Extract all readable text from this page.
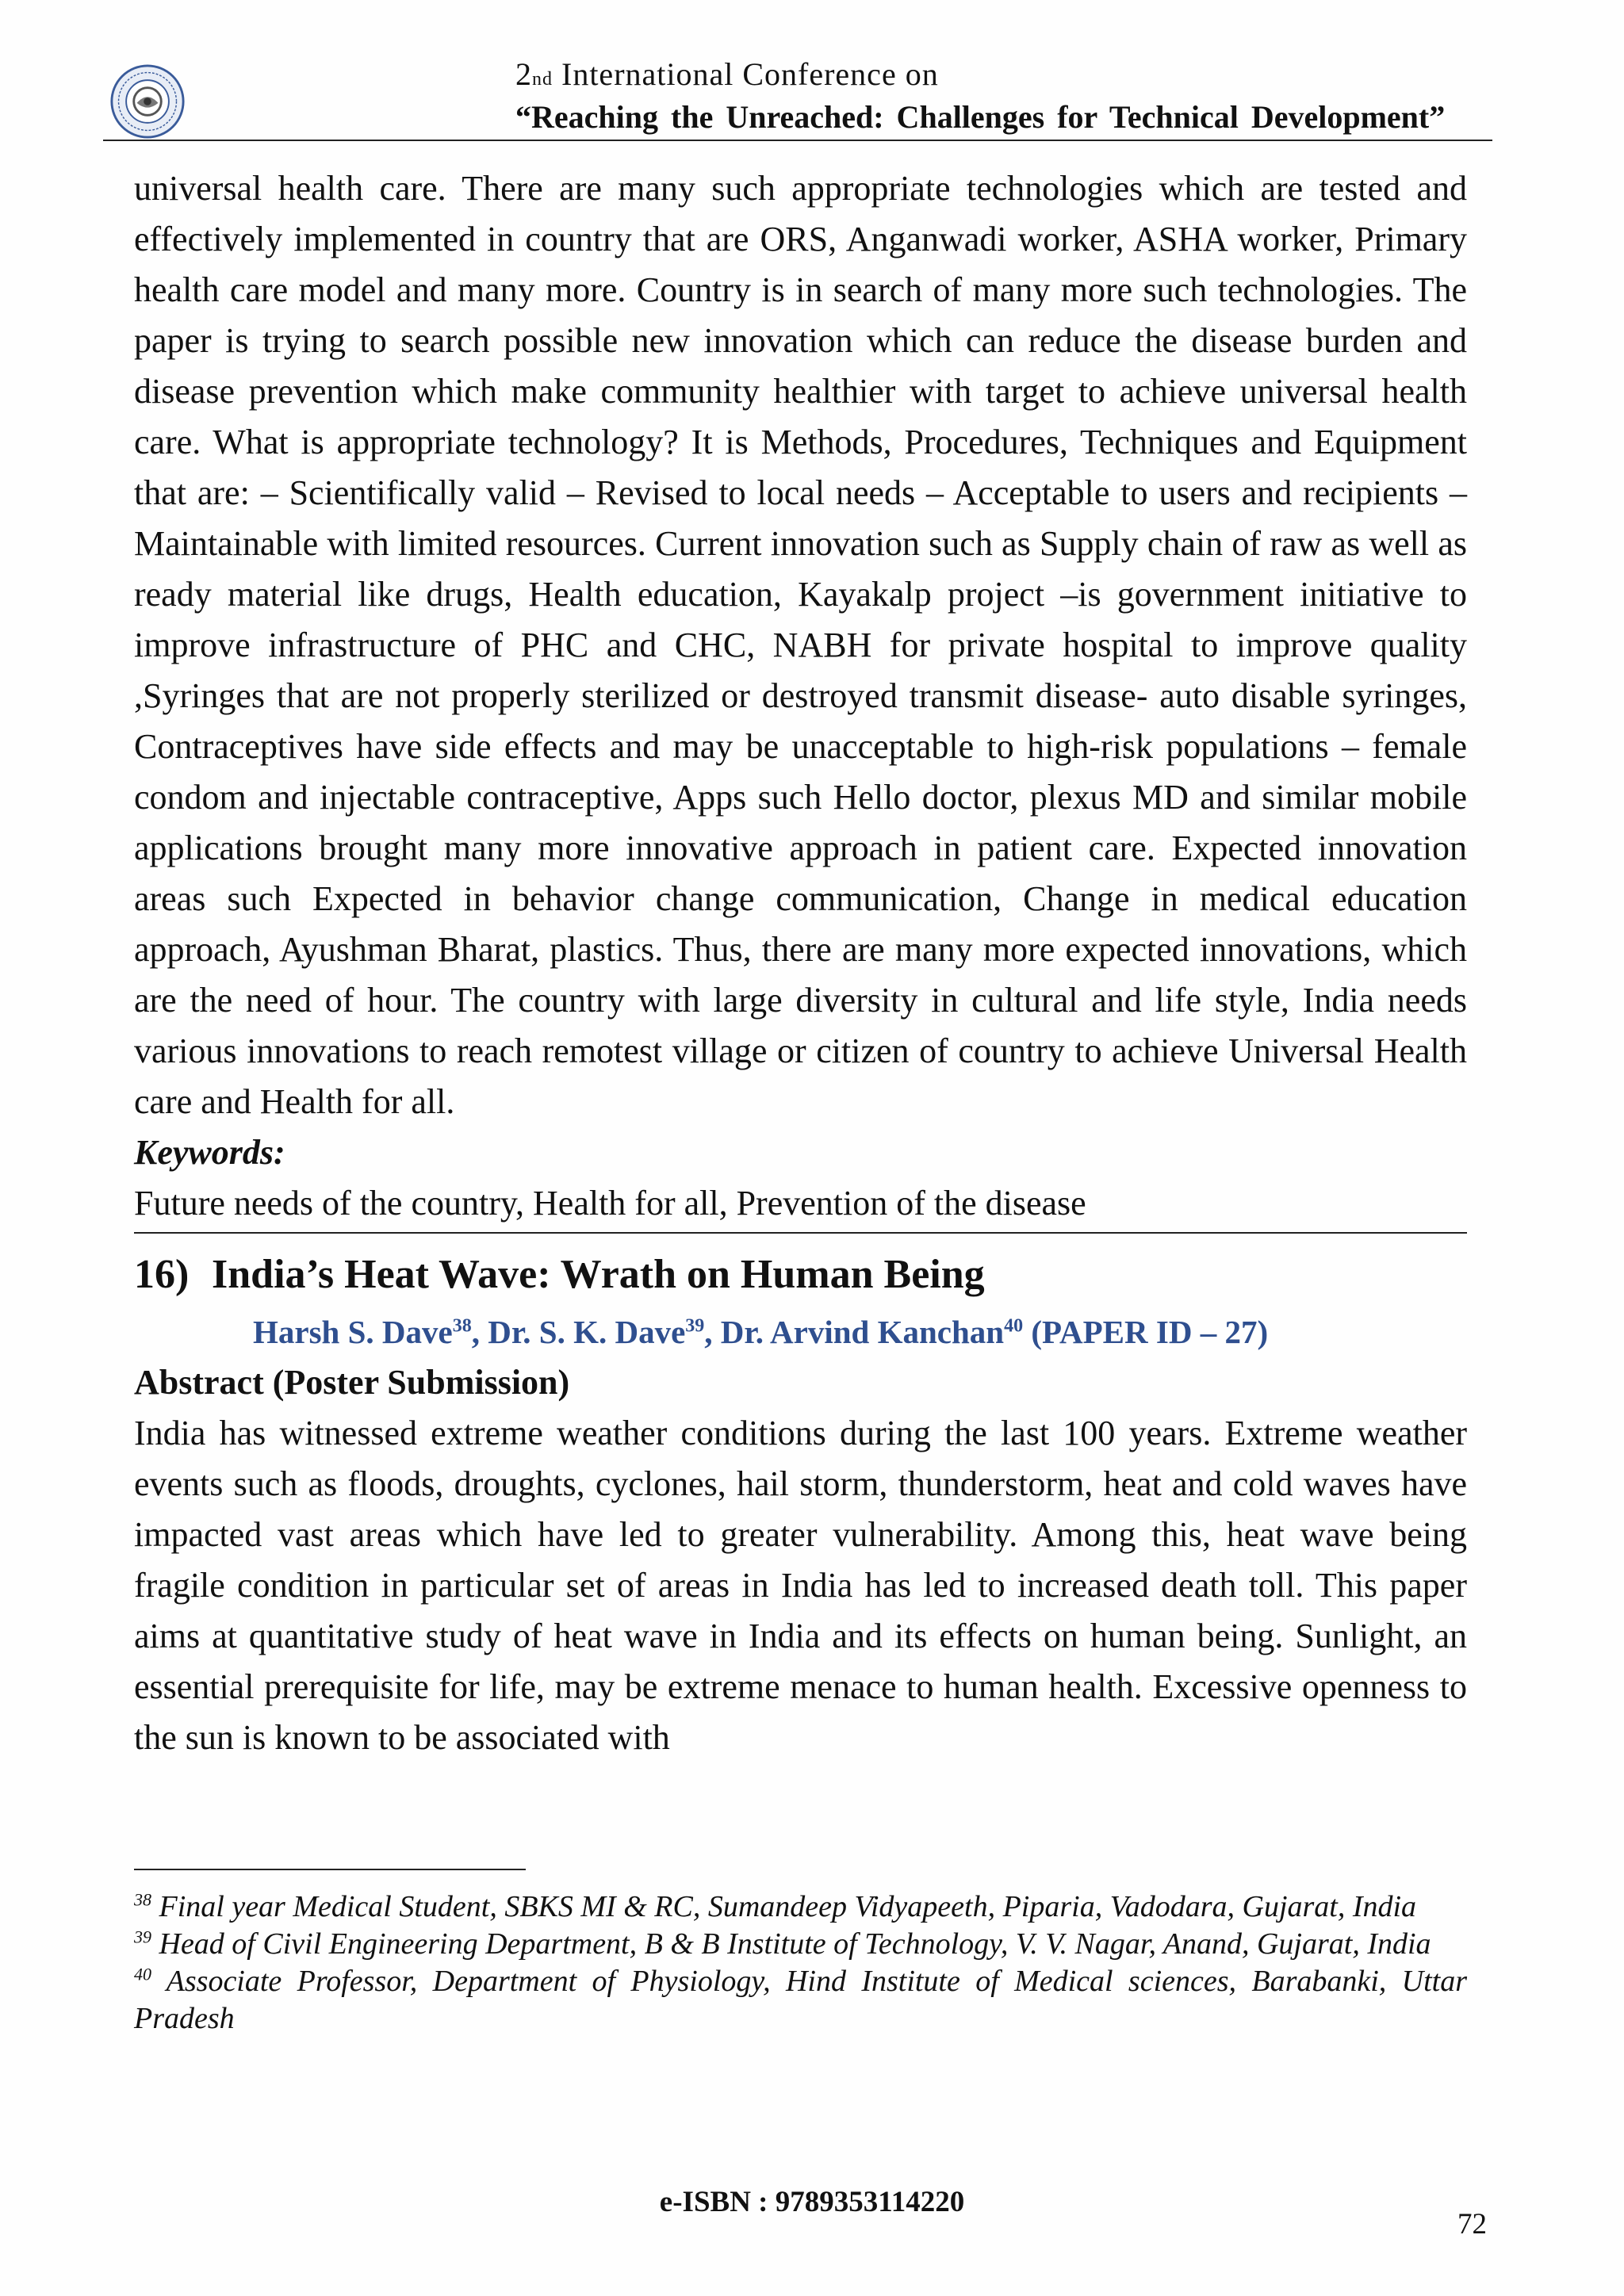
2nd International Conference on
“Reaching the Unreached: Challenges for Technical Development”

universal health care. There are many such appropriate technologies which are tested and effectively implemented in country that are ORS, Anganwadi worker, ASHA worker, Primary health care model and many more. Country is in search of many more such technologies. The paper is trying to search possible new innovation which can reduce the disease burden and disease prevention which make community healthier with target to achieve universal health care. What is appropriate technology? It is Methods, Procedures, Techniques and Equipment that are: – Scientifically valid – Revised to local needs – Acceptable to users and recipients – Maintainable with limited resources. Current innovation such as Supply chain of raw as well as ready material like drugs, Health education, Kayakalp project –is government initiative to improve infrastructure of PHC and CHC, NABH for private hospital to improve quality ,Syringes that are not properly sterilized or destroyed transmit disease- auto disable syringes, Contraceptives have side effects and may be unacceptable to high-risk populations – female condom and injectable contraceptive, Apps such Hello doctor, plexus MD and similar mobile applications brought many more innovative approach in patient care. Expected innovation areas such Expected in behavior change communication, Change in medical education approach, Ayushman Bharat, plastics. Thus, there are many more expected innovations, which are the need of hour. The country with large diversity in cultural and life style, India needs various innovations to reach remotest village or citizen of country to achieve Universal Health care and Health for all.

Keywords:

Future needs of the country, Health for all, Prevention of the disease

16) India’s Heat Wave: Wrath on Human Being
Harsh S. Dave$^{38}$, Dr. S. K. Dave$^{39}$, Dr. Arvind Kanchan$^{40}$ (PAPER ID – 27)

Abstract (Poster Submission)

India has witnessed extreme weather conditions during the last 100 years. Extreme weather events such as floods, droughts, cyclones, hail storm, thunderstorm, heat and cold waves have impacted vast areas which have led to greater vulnerability. Among this, heat wave being fragile condition in particular set of areas in India has led to increased death toll. This paper aims at quantitative study of heat wave in India and its effects on human being. Sunlight, an essential prerequisite for life, may be extreme menace to human health. Excessive openness to the sun is known to be associated with

$^{38}$ Final year Medical Student, SBKS MI & RC, Sumandeep Vidyapeeth, Piparia, Vadodara, Gujarat, India

$^{39}$ Head of Civil Engineering Department, B & B Institute of Technology, V. V. Nagar, Anand, Gujarat, India

$^{40}$ Associate Professor, Department of Physiology, Hind Institute of Medical sciences, Barabanki, Uttar Pradesh

e-ISBN : 9789353114220
72
